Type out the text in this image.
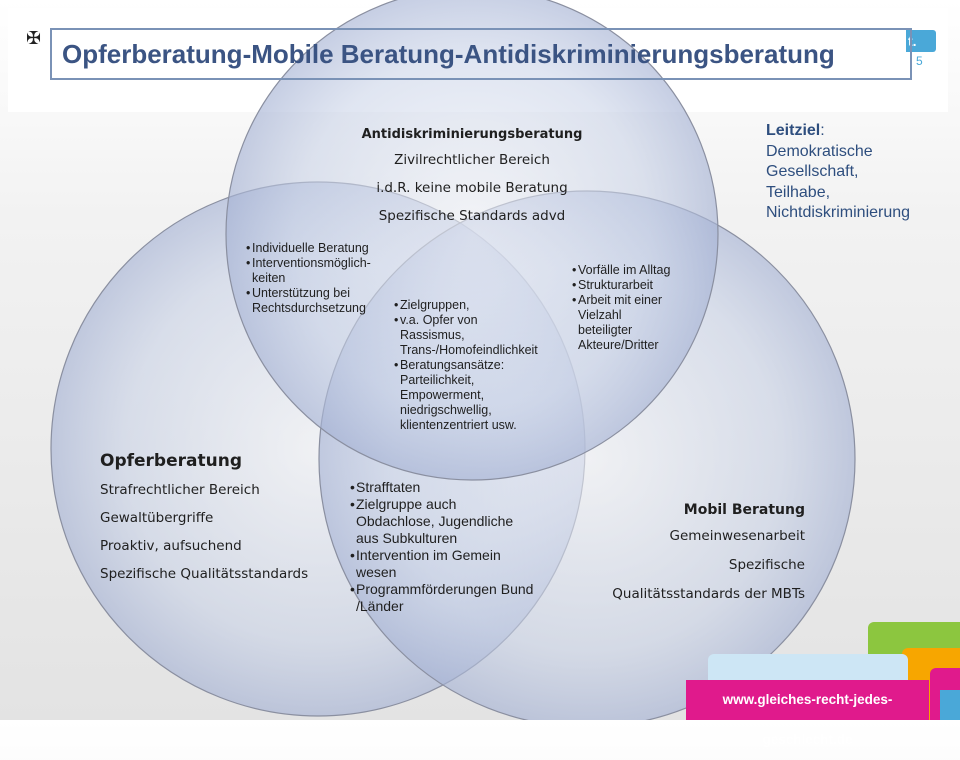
✠	t.
5
Opferberatung-Mobile Beratung-Antidiskriminierungsberatung
Leitziel:
Demokratische
Gesellschaft,
Teilhabe,
Nichtdiskriminierung
Antidiskriminierungsberatung
Zivilrechtlicher Bereich
i.d.R. keine mobile Beratung
Spezifische Standards advd
Opferberatung
Strafrechtlicher Bereich
Gewaltübergriffe
Proaktiv, aufsuchend
Spezifische Qualitätsstandards
Mobil Beratung
Gemeinwesenarbeit
Spezifische
Qualitätsstandards der MBTs
• Individuelle Beratung
• Interventionsmöglich-
keiten
• Unterstützung bei Rechtsdurchsetzung
• Vorfälle im Alltag
• Strukturarbeit
• Arbeit mit einer Vielzahl beteiligter Akteure/Dritter
• Zielgruppen,
• v.a. Opfer von Rassismus, Trans-/Homofeindlichkeit
• Beratungsansätze: Parteilichkeit, Empowerment, niedrigschwellig, klientenzentriert usw.
• Strafftaten
• Zielgruppe auch Obdachlose, Jugendliche aus Subkulturen
• Intervention im Gemein wesen
• Programmförderungen Bund /Länder
www.gleiches-recht-jedes-geschlecht.de
